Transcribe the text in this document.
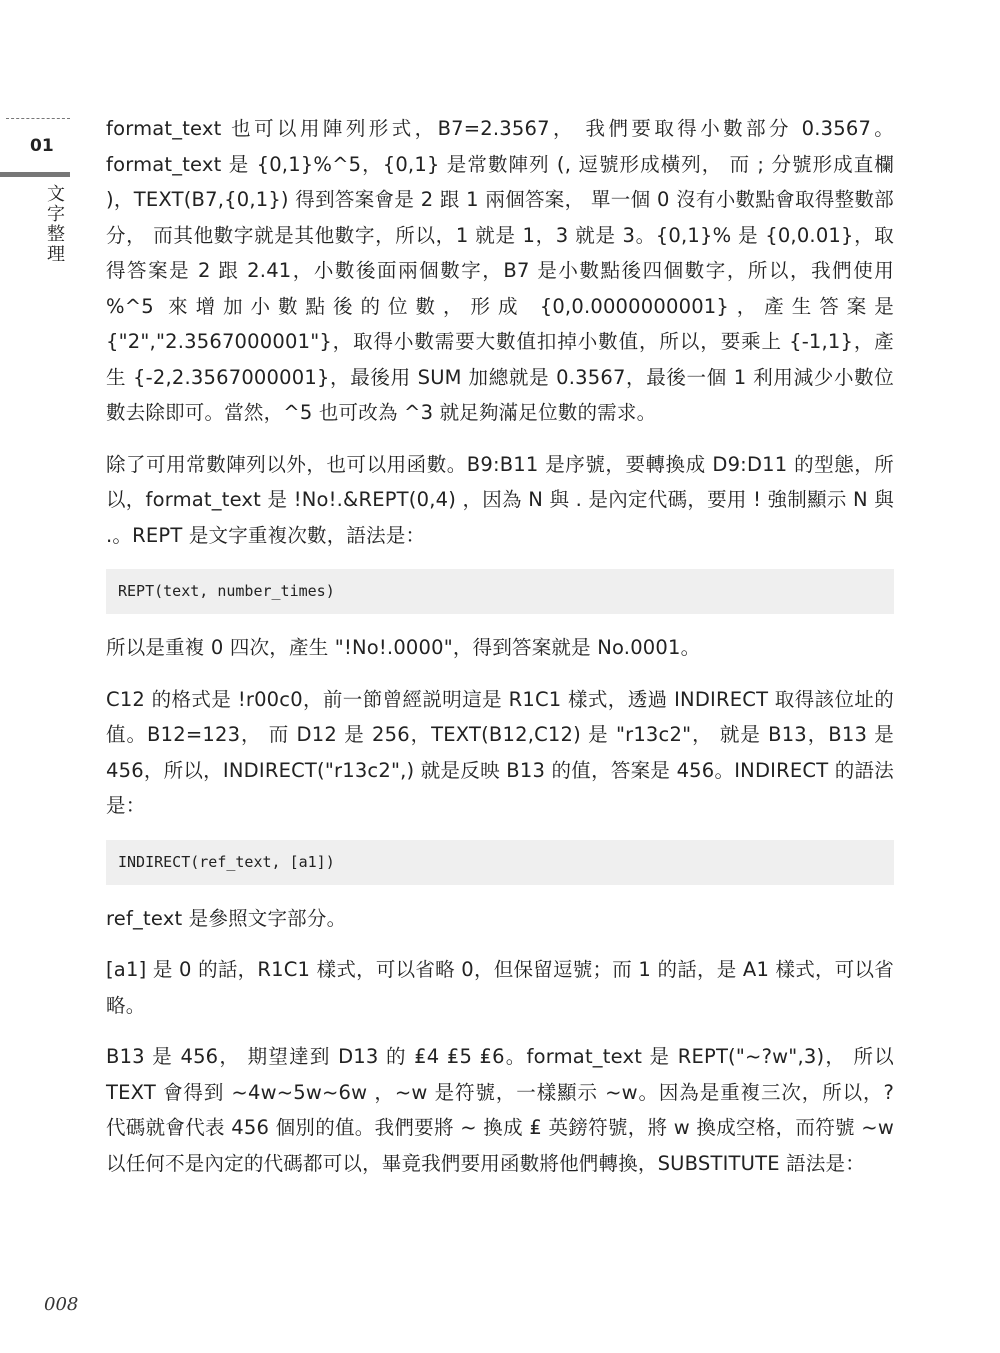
01
文字整理

format_text 也可以用陣列形式，B7=2.3567， 我們要取得小數部分 0.3567。format_text 是 {0,1}%^5，{0,1} 是常數陣列 (, 逗號形成橫列， 而 ; 分號形成直欄 )，TEXT(B7,{0,1}) 得到答案會是 2 跟 1 兩個答案， 單一個 0 沒有小數點會取得整數部分， 而其他數字就是其他數字，所以，1 就是 1，3 就是 3。{0,1}% 是 {0,0.01}，取得答案是 2 跟 2.41，小數後面兩個數字，B7 是小數點後四個數字，所以，我們使用 %^5 來增加小數點後的位數，形成 {0,0.0000000001}，產生答案是 {"2","2.3567000001"}，取得小數需要大數值扣掉小數值，所以，要乘上 {-1,1}，產生 {-2,2.3567000001}，最後用 SUM 加總就是 0.3567，最後一個 1 利用減少小數位數去除即可。當然，^5 也可改為 ^3 就足夠滿足位數的需求。

除了可用常數陣列以外，也可以用函數。B9:B11 是序號，要轉換成 D9:D11 的型態，所以，format_text 是 !No!.&REPT(0,4) ，因為 N 與 . 是內定代碼，要用 ! 強制顯示 N 與 .。REPT 是文字重複次數，語法是：

REPT(text, number_times)

所以是重複 0 四次，產生 "!No!.0000"，得到答案就是 No.0001。

C12 的格式是 !r00c0，前一節曾經説明這是 R1C1 樣式，透過 INDIRECT 取得該位址的值。B12=123， 而 D12 是 256，TEXT(B12,C12) 是 "r13c2"， 就是 B13，B13 是 456，所以，INDIRECT("r13c2",) 就是反映 B13 的值，答案是 456。INDIRECT 的語法是：

INDIRECT(ref_text, [a1])

ref_text 是參照文字部分。

[a1] 是 0 的話，R1C1 樣式，可以省略 0，但保留逗號；而 1 的話，是 A1 樣式，可以省略。

B13 是 456， 期望達到 D13 的 ₤4 ₤5 ₤6。format_text 是 REPT("~?w",3)， 所以 TEXT 會得到 ~4w~5w~6w ，~w 是符號，一樣顯示 ~w。因為是重複三次，所以，? 代碼就會代表 456 個別的值。我們要將 ~ 換成 ₤ 英鎊符號，將 w 換成空格，而符號 ~w 以任何不是內定的代碼都可以，畢竟我們要用函數將他們轉換，SUBSTITUTE 語法是：

008
